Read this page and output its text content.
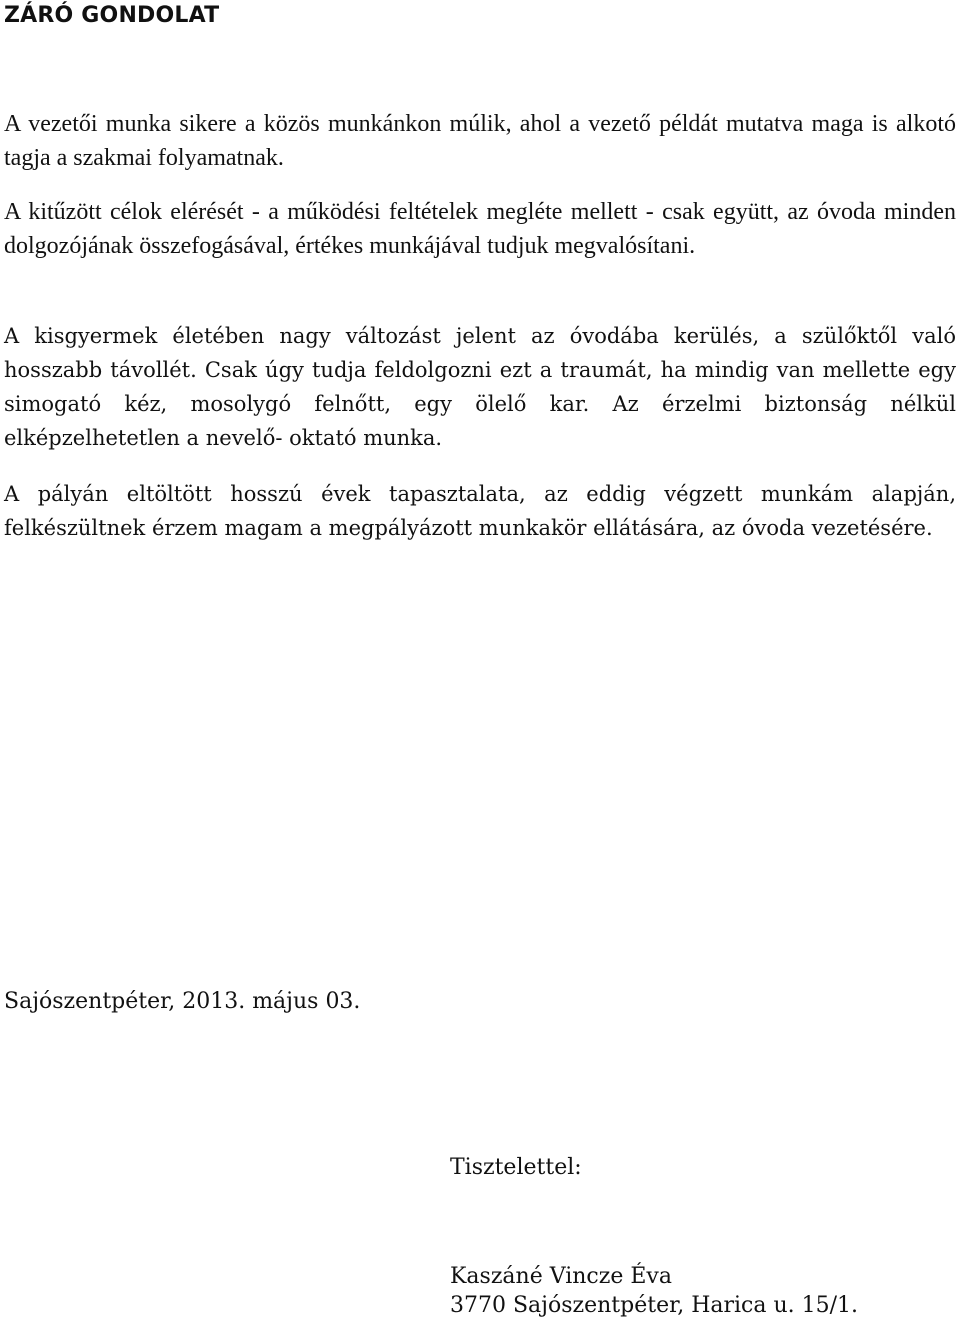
ZÁRÓ GONDOLAT

A vezetői munka sikere a közös munkánkon múlik, ahol a vezető példát mutatva maga is alkotó tagja a szakmai folyamatnak.

A kitűzött célok elérését - a működési feltételek megléte mellett - csak együtt, az óvoda minden dolgozójának összefogásával, értékes munkájával tudjuk megvalósítani.

A kisgyermek életében nagy változást jelent az óvodába kerülés, a szülőktől való hosszabb távollét. Csak úgy tudja feldolgozni ezt a traumát, ha mindig van mellette egy simogató kéz, mosolygó felnőtt, egy ölelő kar. Az érzelmi biztonság nélkül elképzelhetetlen a nevelő- oktató munka.

A pályán eltöltött hosszú évek tapasztalata, az eddig végzett munkám alapján, felkészültnek érzem magam a megpályázott munkakör ellátására, az óvoda vezetésére.

Sajószentpéter, 2013. május 03.

Tisztelettel:

Kaszáné Vincze Éva

3770 Sajószentpéter, Harica u. 15/1.
